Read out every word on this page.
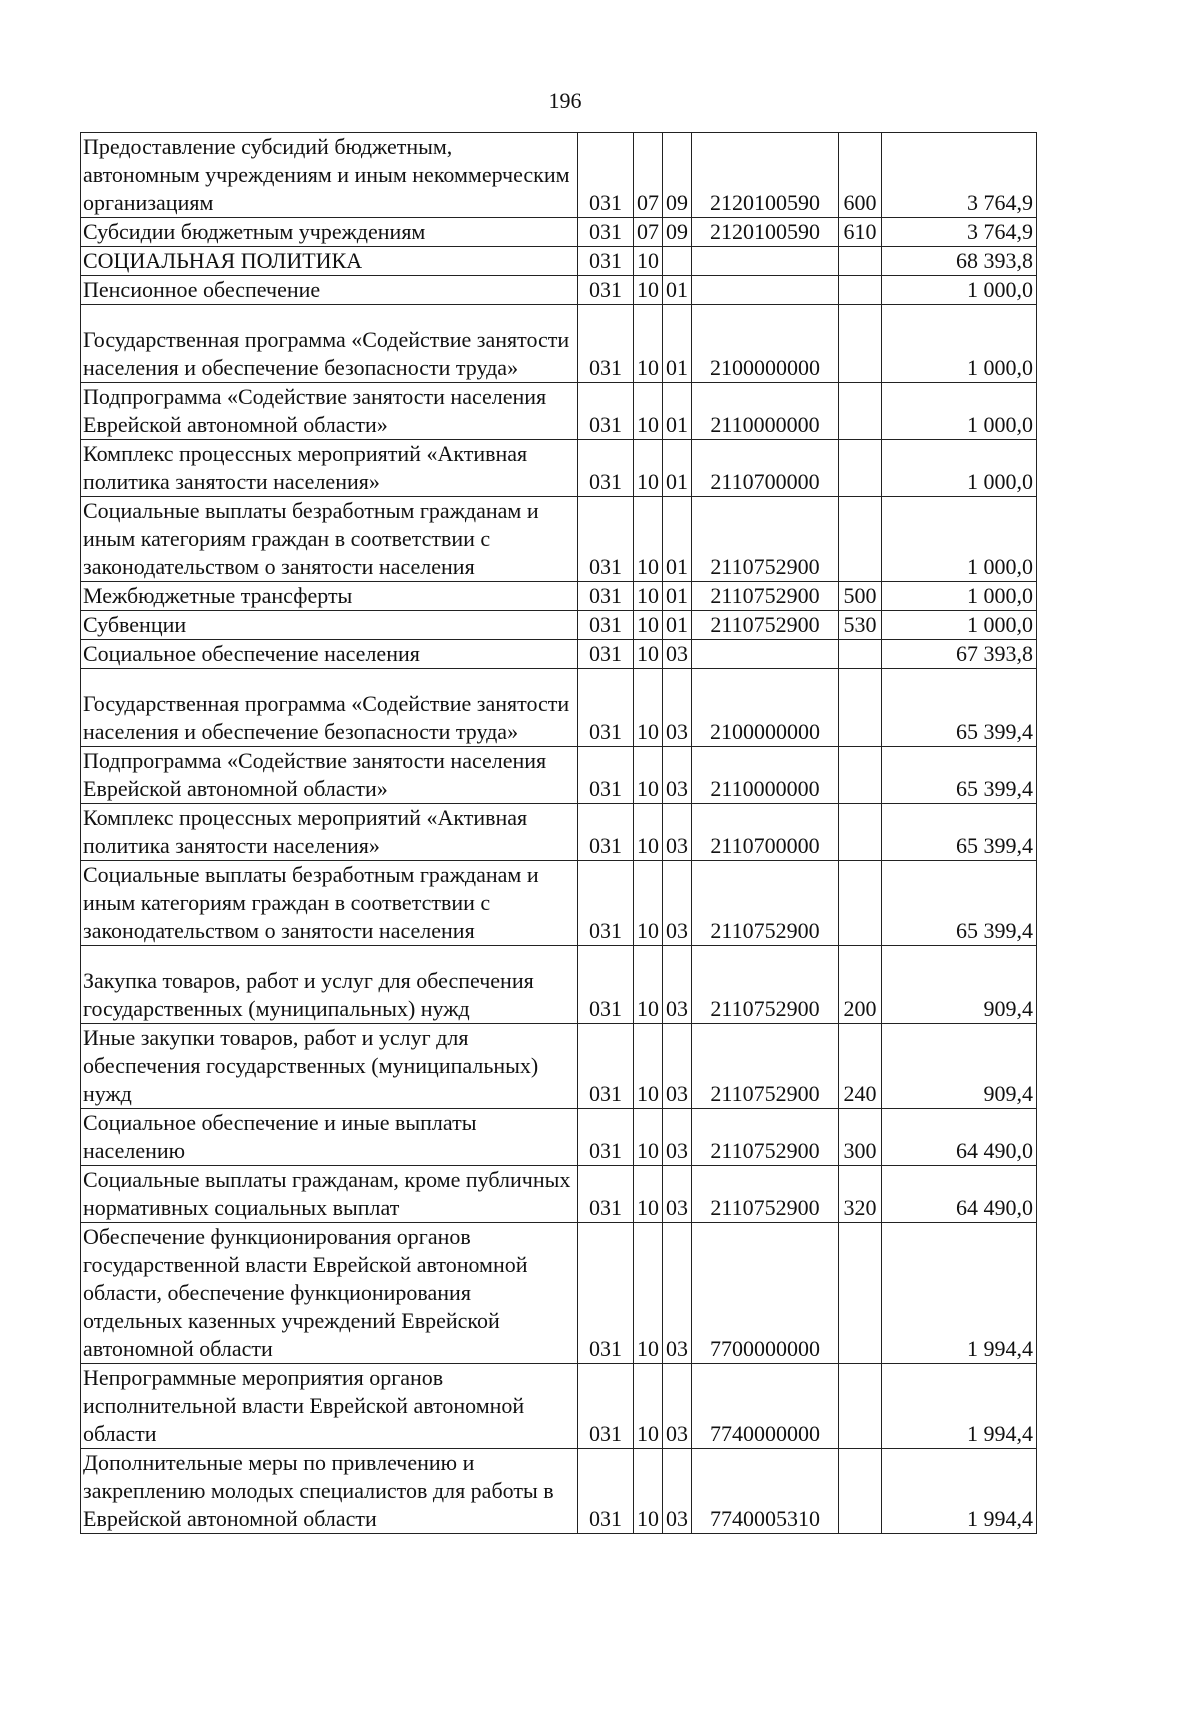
196
Предоставление субсидий бюджетным, автономным учреждениям и иным некоммерческим организациям	031	07	09	2120100590	600	3 764,9
Субсидии бюджетным учреждениям	031	07	09	2120100590	610	3 764,9
СОЦИАЛЬНАЯ ПОЛИТИКА	031	10				68 393,8
Пенсионное обеспечение	031	10	01			1 000,0
Государственная программа «Содействие занятости населения и обеспечение безопасности труда»	031	10	01	2100000000		1 000,0
Подпрограмма «Содействие занятости населения Еврейской автономной области»	031	10	01	2110000000		1 000,0
Комплекс процессных мероприятий «Активная политика занятости населения»	031	10	01	2110700000		1 000,0
Социальные выплаты безработным гражданам и иным категориям граждан в соответствии с законодательством о занятости населения	031	10	01	2110752900		1 000,0
Межбюджетные трансферты	031	10	01	2110752900	500	1 000,0
Субвенции	031	10	01	2110752900	530	1 000,0
Социальное обеспечение населения	031	10	03			67 393,8
Государственная программа «Содействие занятости населения и обеспечение безопасности труда»	031	10	03	2100000000		65 399,4
Подпрограмма «Содействие занятости населения Еврейской автономной области»	031	10	03	2110000000		65 399,4
Комплекс процессных мероприятий «Активная политика занятости населения»	031	10	03	2110700000		65 399,4
Социальные выплаты безработным гражданам и иным категориям граждан в соответствии с законодательством о занятости населения	031	10	03	2110752900		65 399,4
Закупка товаров, работ и услуг для обеспечения государственных (муниципальных) нужд	031	10	03	2110752900	200	909,4
Иные закупки товаров, работ и услуг для обеспечения государственных (муниципальных) нужд	031	10	03	2110752900	240	909,4
Социальное обеспечение и иные выплаты населению	031	10	03	2110752900	300	64 490,0
Социальные выплаты гражданам, кроме публичных нормативных социальных выплат	031	10	03	2110752900	320	64 490,0
Обеспечение функционирования органов государственной власти Еврейской автономной области, обеспечение функционирования отдельных казенных учреждений Еврейской автономной области	031	10	03	7700000000		1 994,4
Непрограммные мероприятия органов исполнительной власти Еврейской автономной области	031	10	03	7740000000		1 994,4
Дополнительные меры по привлечению и закреплению молодых специалистов для работы в Еврейской автономной области	031	10	03	7740005310		1 994,4
